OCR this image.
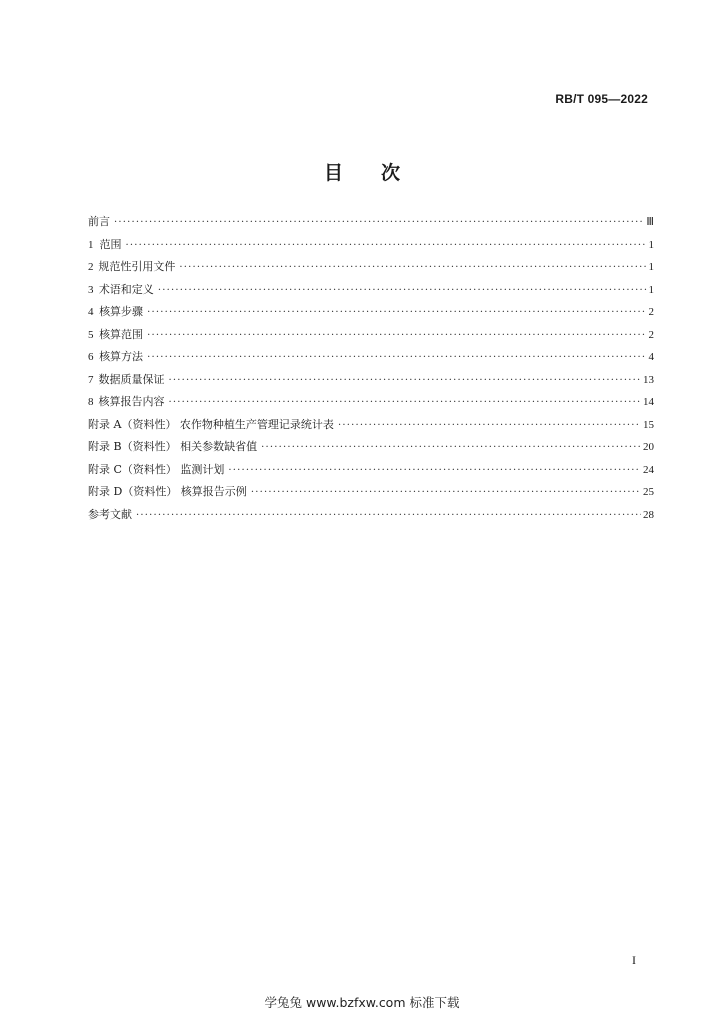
RB/T 095—2022
目 次
前言 ·····	Ⅲ
1 范围 ·····	1
2 规范性引用文件 ·····	1
3 术语和定义 ·····	1
4 核算步骤 ·····	2
5 核算范围 ·····	2
6 核算方法 ·····	4
7 数据质量保证 ·····	13
8 核算报告内容 ·····	14
附录 A（资料性） 农作物种植生产管理记录统计表 ·····	15
附录 B（资料性） 相关参数缺省值 ·····	20
附录 C（资料性） 监测计划 ·····	24
附录 D（资料性） 核算报告示例 ·····	25
参考文献 ·····	28
I
学兔兔 www.bzfxw.com 标准下载
